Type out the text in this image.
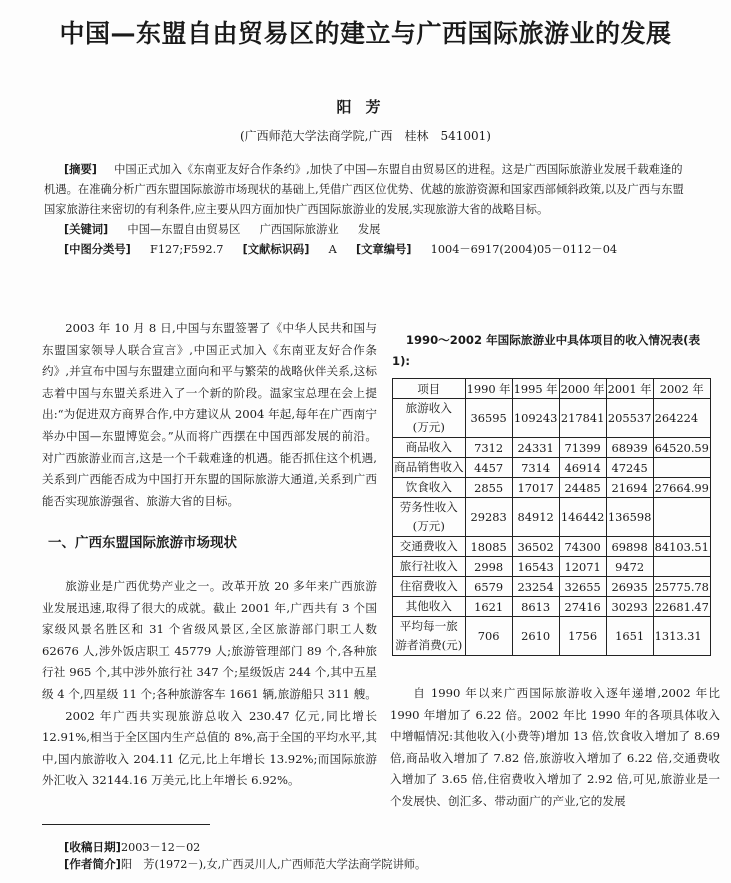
中国—东盟自由贸易区的建立与广西国际旅游业的发展
阳芳
(广西师范大学法商学院,广西　桂林　541001)

[摘要] 中国正式加入《东南亚友好合作条约》,加快了中国—东盟自由贸易区的进程。这是广西国际旅游业发展千载难逢的机遇。在准确分析广西东盟国际旅游市场现状的基础上,凭借广西区位优势、优越的旅游资源和国家西部倾斜政策,以及广西与东盟国家旅游往来密切的有利条件,应主要从四方面加快广西国际旅游业的发展,实现旅游大省的战略目标。

[关键词] 中国—东盟自由贸易区 广西国际旅游业 发展

[中图分类号] F127;F592.7 [文献标识码] A [文章编号] 1004－6917(2004)05－0112－04

2003 年 10 月 8 日,中国与东盟签署了《中华人民共和国与东盟国家领导人联合宣言》,中国正式加入《东南亚友好合作条约》,并宣布中国与东盟建立面向和平与繁荣的战略伙伴关系,这标志着中国与东盟关系进入了一个新的阶段。温家宝总理在会上提出:“为促进双方商界合作,中方建议从 2004 年起,每年在广西南宁举办中国—东盟博览会。”从而将广西摆在中国西部发展的前沿。对广西旅游业而言,这是一个千载难逢的机遇。能否抓住这个机遇,关系到广西能否成为中国打开东盟的国际旅游大通道,关系到广西能否实现旅游强省、旅游大省的目标。

一、广西东盟国际旅游市场现状

旅游业是广西优势产业之一。改革开放 20 多年来广西旅游业发展迅速,取得了很大的成就。截止 2001 年,广西共有 3 个国家级风景名胜区和 31 个省级风景区,全区旅游部门职工人数 62676 人,涉外饭店职工 45779 人;旅游管理部门 89 个,各种旅行社 965 个,其中涉外旅行社 347 个;星级饭店 244 个,其中五星级 4 个,四星级 11 个;各种旅游客车 1661 辆,旅游船只 311 艘。

2002 年广西共实现旅游总收入 230.47 亿元,同比增长 12.91%,相当于全区国内生产总值的 8%,高于全国的平均水平,其中,国内旅游收入 204.11 亿元,比上年增长 13.92%;而国际旅游外汇收入 32144.16 万美元,比上年增长 6.92%。

1990～2002 年国际旅游业中具体项目的收入情况表(表 1):
项目	1990 年	1995 年	2000 年	2001 年	2002 年

旅游收入
(万元)	36595	109243	217841	205537	264224

商品收入	7312	24331	71399	68939	64520.59

商品销售收入	4457	7314	46914	47245	

饮食收入	2855	17017	24485	21694	27664.99

劳务性收入
(万元)	29283	84912	146442	136598	

交通费收入	18085	36502	74300	69898	84103.51

旅行社收入	2998	16543	12071	9472	

住宿费收入	6579	23254	32655	26935	25775.78

其他收入	1621	8613	27416	30293	22681.47

平均每一旅
游者消费(元)	706	2610	1756	1651	1313.31

自 1990 年以来广西国际旅游收入逐年递增,2002 年比 1990 年增加了 6.22 倍。2002 年比 1990 年的各项具体收入中增幅情况:其他收入(小费等)增加 13 倍,饮食收入增加了 8.69 倍,商品收入增加了 7.82 倍,旅游收入增加了 6.22 倍,交通费收入增加了 3.65 倍,住宿费收入增加了 2.92 倍,可见,旅游业是一个发展快、创汇多、带动面广的产业,它的发展

[收稿日期]2003－12－02
[作者简介]阳　芳(1972－),女,广西灵川人,广西师范大学法商学院讲师。
